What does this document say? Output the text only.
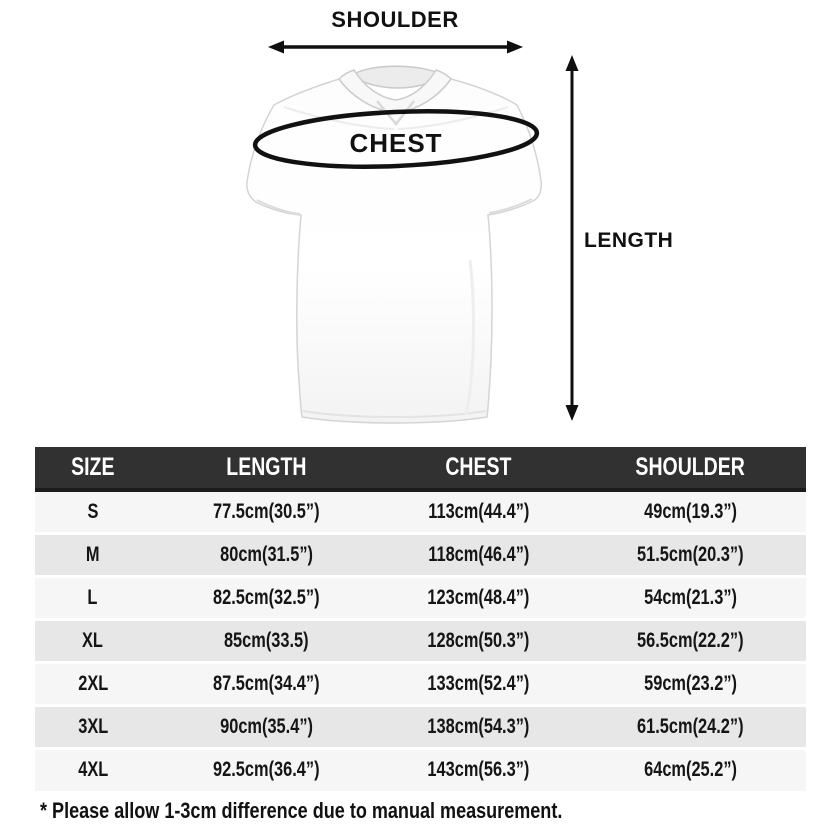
SHOULDER
CHEST
LENGTH
SIZE	LENGTH	CHEST	SHOULDER
S	77.5cm(30.5”)	113cm(44.4”)	49cm(19.3”)
M	80cm(31.5”)	118cm(46.4”)	51.5cm(20.3”)
L	82.5cm(32.5”)	123cm(48.4”)	54cm(21.3”)
XL	85cm(33.5)	128cm(50.3”)	56.5cm(22.2”)
2XL	87.5cm(34.4”)	133cm(52.4”)	59cm(23.2”)
3XL	90cm(35.4”)	138cm(54.3”)	61.5cm(24.2”)
4XL	92.5cm(36.4”)	143cm(56.3”)	64cm(25.2”)
* Please allow 1-3cm difference due to manual measurement.
